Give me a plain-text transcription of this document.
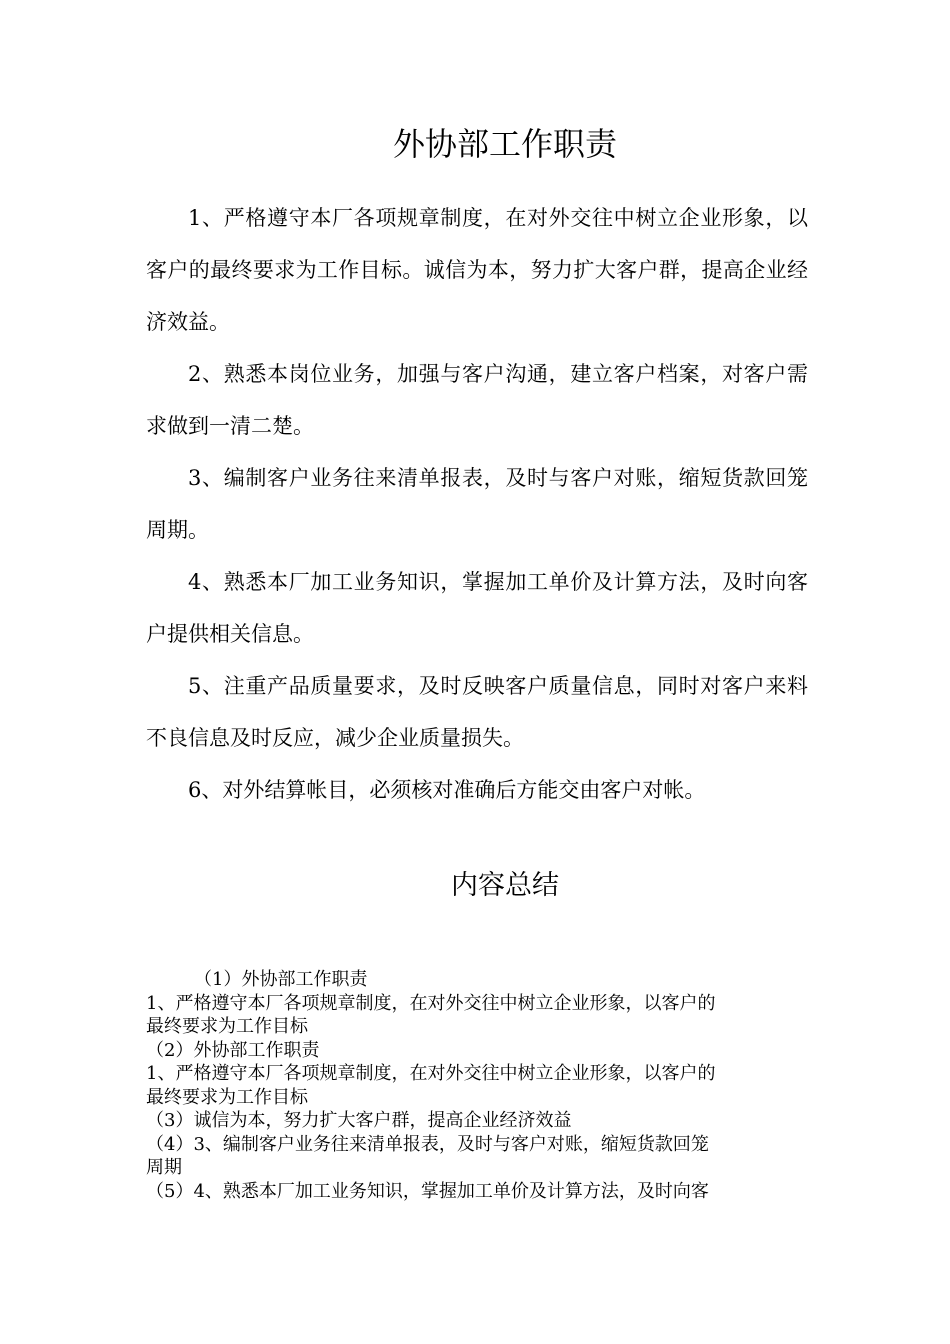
外协部工作职责

1、严格遵守本厂各项规章制度，在对外交往中树立企业形象，以客户的最终要求为工作目标。诚信为本，努力扩大客户群，提高企业经济效益。

2、熟悉本岗位业务，加强与客户沟通，建立客户档案，对客户需求做到一清二楚。

3、编制客户业务往来清单报表，及时与客户对账，缩短货款回笼周期。

4、熟悉本厂加工业务知识，掌握加工单价及计算方法，及时向客户提供相关信息。

5、注重产品质量要求，及时反映客户质量信息，同时对客户来料不良信息及时反应，减少企业质量损失。

6、对外结算帐目，必须核对准确后方能交由客户对帐。

内容总结

（1）外协部工作职责

1、严格遵守本厂各项规章制度，在对外交往中树立企业形象，以客户的

最终要求为工作目标

（2）外协部工作职责

1、严格遵守本厂各项规章制度，在对外交往中树立企业形象，以客户的

最终要求为工作目标

（3）诚信为本，努力扩大客户群，提高企业经济效益

（4）3、编制客户业务往来清单报表，及时与客户对账，缩短货款回笼

周期

（5）4、熟悉本厂加工业务知识，掌握加工单价及计算方法，及时向客
